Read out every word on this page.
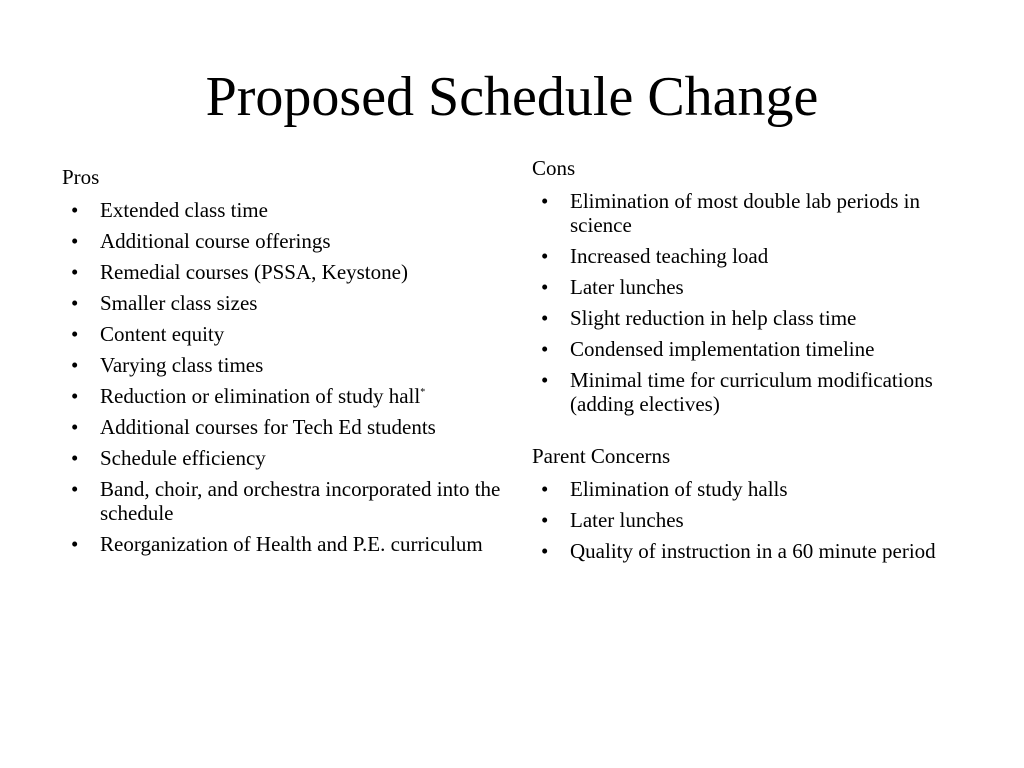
Proposed Schedule Change

Pros

• Extended class time
• Additional course offerings
• Remedial courses (PSSA, Keystone)
• Smaller class sizes
• Content equity
• Varying class times
• Reduction or elimination of study hall*
• Additional courses for Tech Ed students
• Schedule efficiency
• Band, choir, and orchestra incorporated into the schedule
• Reorganization of Health and P.E. curriculum

Cons

• Elimination of most double lab periods in science
• Increased teaching load
• Later lunches
• Slight reduction in help class time
• Condensed implementation timeline
• Minimal time for curriculum modifications (adding electives)

Parent Concerns

• Elimination of study halls
• Later lunches
• Quality of instruction in a 60 minute period
